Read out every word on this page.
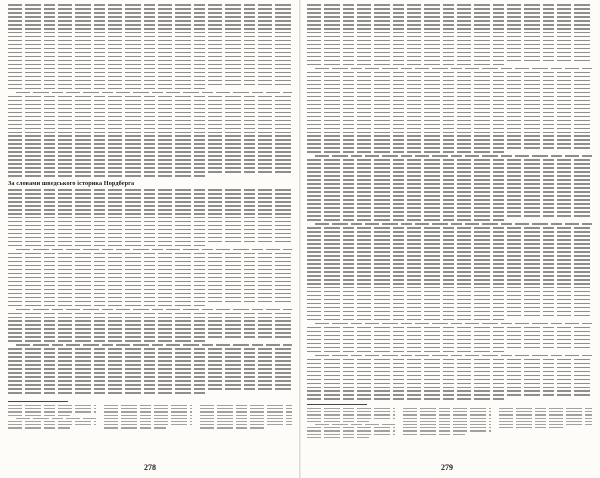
За словами шведського історика Нордберга
278	279
